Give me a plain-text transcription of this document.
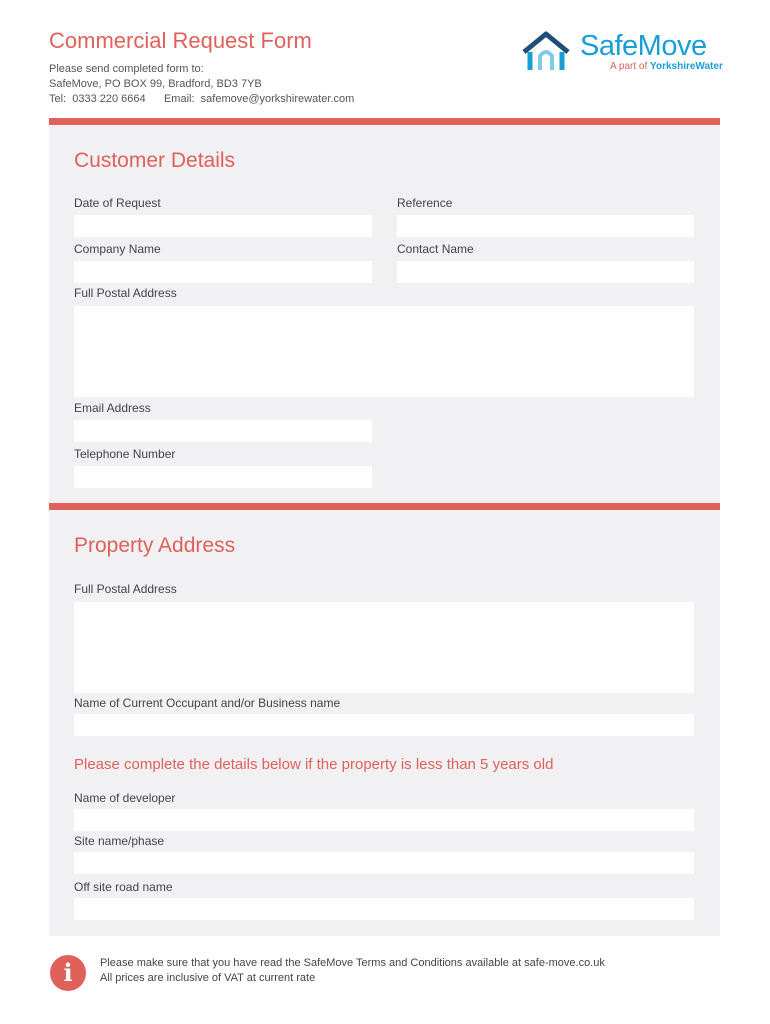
Commercial Request Form
Please send completed form to:
SafeMove, PO BOX 99, Bradford, BD3 7YB
Tel:  0333 220 6664      Email:  safemove@yorkshirewater.com
SafeMove
A part of YorkshireWater
Customer Details
Date of Request	Reference
Company Name	Contact Name
Full Postal Address
Email Address
Telephone Number
Property Address
Full Postal Address
Name of Current Occupant and/or Business name
Please complete the details below if the property is less than 5 years old
Name of developer
Site name/phase
Off site road name
i	Please make sure that you have read the SafeMove Terms and Conditions available at safe-move.co.uk
All prices are inclusive of VAT at current rate
